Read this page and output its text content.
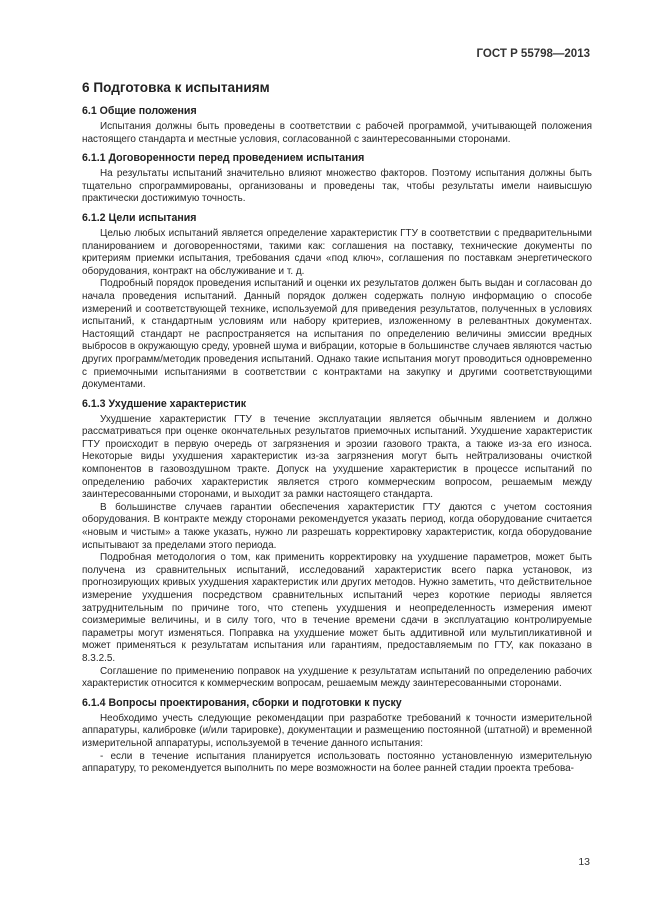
ГОСТ Р 55798—2013
6 Подготовка к испытаниям
6.1 Общие положения

Испытания должны быть проведены в соответствии с рабочей программой, учитывающей положения настоящего стандарта и местные условия, согласованной с заинтересованными сторонами.

6.1.1 Договоренности перед проведением испытания

На результаты испытаний значительно влияют множество факторов. Поэтому испытания должны быть тщательно спрограммированы, организованы и проведены так, чтобы результаты имели наивысшую практически достижимую точность.

6.1.2 Цели испытания

Целью любых испытаний является определение характеристик ГТУ в соответствии с предварительными планированием и договоренностями, такими как: соглашения на поставку, технические документы по критериям приемки испытания, требования сдачи «под ключ», соглашения по поставкам энергетического оборудования, контракт на обслуживание и т. д.

Подробный порядок проведения испытаний и оценки их результатов должен быть выдан и согласован до начала проведения испытаний. Данный порядок должен содержать полную информацию о способе измерений и соответствующей технике, используемой для приведения результатов, полученных в условиях испытаний, к стандартным условиям или набору критериев, изложенному в релевантных документах. Настоящий стандарт не распространяется на испытания по определению величины эмиссии вредных выбросов в окружающую среду, уровней шума и вибрации, которые в большинстве случаев являются частью других программ/методик проведения испытаний. Однако такие испытания могут проводиться одновременно с приемочными испытаниями в соответствии с контрактами на закупку и другими соответствующими документами.

6.1.3 Ухудшение характеристик

Ухудшение характеристик ГТУ в течение эксплуатации является обычным явлением и должно рассматриваться при оценке окончательных результатов приемочных испытаний. Ухудшение характеристик ГТУ происходит в первую очередь от загрязнения и эрозии газового тракта, а также из-за его износа. Некоторые виды ухудшения характеристик из-за загрязнения могут быть нейтрализованы очисткой компонентов в газовоздушном тракте. Допуск на ухудшение характеристик в процессе испытаний по определению рабочих характеристик является строго коммерческим вопросом, решаемым между заинтересованными сторонами, и выходит за рамки настоящего стандарта.

В большинстве случаев гарантии обеспечения характеристик ГТУ даются с учетом состояния оборудования. В контракте между сторонами рекомендуется указать период, когда оборудование считается «новым и чистым» а также указать, нужно ли разрешать корректировку характеристик, когда оборудование испытывают за пределами этого периода.

Подробная методология о том, как применить корректировку на ухудшение параметров, может быть получена из сравнительных испытаний, исследований характеристик всего парка установок, из прогнозирующих кривых ухудшения характеристик или других методов. Нужно заметить, что действительное измерение ухудшения посредством сравнительных испытаний через короткие периоды является затруднительным по причине того, что степень ухудшения и неопределенность измерения имеют соизмеримые величины, и в силу того, что в течение времени сдачи в эксплуатацию контролируемые параметры могут изменяться. Поправка на ухудшение может быть аддитивной или мультипликативной и может применяться к результатам испытания или гарантиям, предоставляемым по ГТУ, как показано в 8.3.2.5.

Соглашение по применению поправок на ухудшение к результатам испытаний по определению рабочих характеристик относится к коммерческим вопросам, решаемым между заинтересованными сторонами.

6.1.4 Вопросы проектирования, сборки и подготовки к пуску

Необходимо учесть следующие рекомендации при разработке требований к точности измерительной аппаратуры, калибровке (и/или тарировке), документации и размещению постоянной (штатной) и временной измерительной аппаратуры, используемой в течение данного испытания:

- если в течение испытания планируется использовать постоянно установленную измерительную аппаратуру, то рекомендуется выполнить по мере возможности на более ранней стадии проекта требова-

13
